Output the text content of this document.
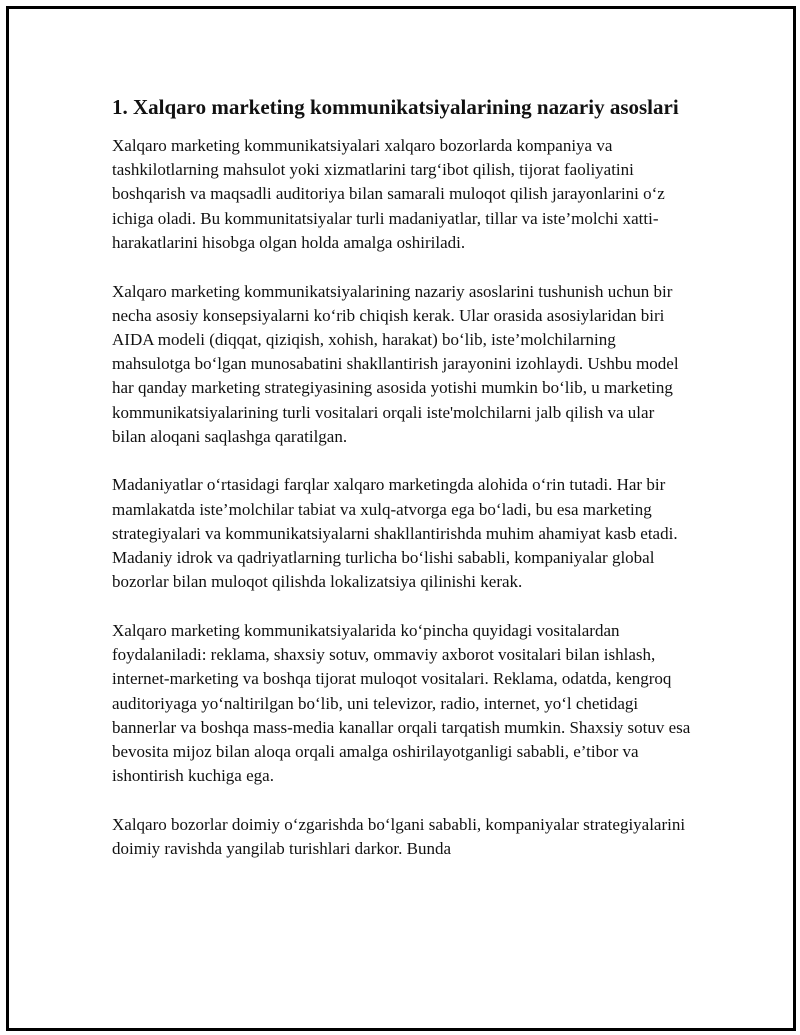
1. Xalqaro marketing kommunikatsiyalarining nazariy asoslari

Xalqaro marketing kommunikatsiyalari xalqaro bozorlarda kompaniya va tashkilotlarning mahsulot yoki xizmatlarini targ‘ibot qilish, tijorat faoliyatini boshqarish va maqsadli auditoriya bilan samarali muloqot qilish jarayonlarini o‘z ichiga oladi. Bu kommunitatsiyalar turli madaniyatlar, tillar va iste’molchi xatti-harakatlarini hisobga olgan holda amalga oshiriladi.

Xalqaro marketing kommunikatsiyalarining nazariy asoslarini tushunish uchun bir necha asosiy konsepsiyalarni ko‘rib chiqish kerak. Ular orasida asosiylaridan biri AIDA modeli (diqqat, qiziqish, xohish, harakat) bo‘lib, iste’molchilarning mahsulotga bo‘lgan munosabatini shakllantirish jarayonini izohlaydi. Ushbu model har qanday marketing strategiyasining asosida yotishi mumkin bo‘lib, u marketing kommunikatsiyalarining turli vositalari orqali iste'molchilarni jalb qilish va ular bilan aloqani saqlashga qaratilgan.

Madaniyatlar o‘rtasidagi farqlar xalqaro marketingda alohida o‘rin tutadi. Har bir mamlakatda iste’molchilar tabiat va xulq-atvorga ega bo‘ladi, bu esa marketing strategiyalari va kommunikatsiyalarni shakllantirishda muhim ahamiyat kasb etadi. Madaniy idrok va qadriyatlarning turlicha bo‘lishi sababli, kompaniyalar global bozorlar bilan muloqot qilishda lokalizatsiya qilinishi kerak.

Xalqaro marketing kommunikatsiyalarida ko‘pincha quyidagi vositalardan foydalaniladi: reklama, shaxsiy sotuv, ommaviy axborot vositalari bilan ishlash, internet-marketing va boshqa tijorat muloqot vositalari. Reklama, odatda, kengroq auditoriyaga yo‘naltirilgan bo‘lib, uni televizor, radio, internet, yo‘l chetidagi bannerlar va boshqa mass-media kanallar orqali tarqatish mumkin. Shaxsiy sotuv esa bevosita mijoz bilan aloqa orqali amalga oshirilayotganligi sababli, e’tibor va ishontirish kuchiga ega.

Xalqaro bozorlar doimiy o‘zgarishda bo‘lgani sababli, kompaniyalar strategiyalarini doimiy ravishda yangilab turishlari darkor. Bunda
